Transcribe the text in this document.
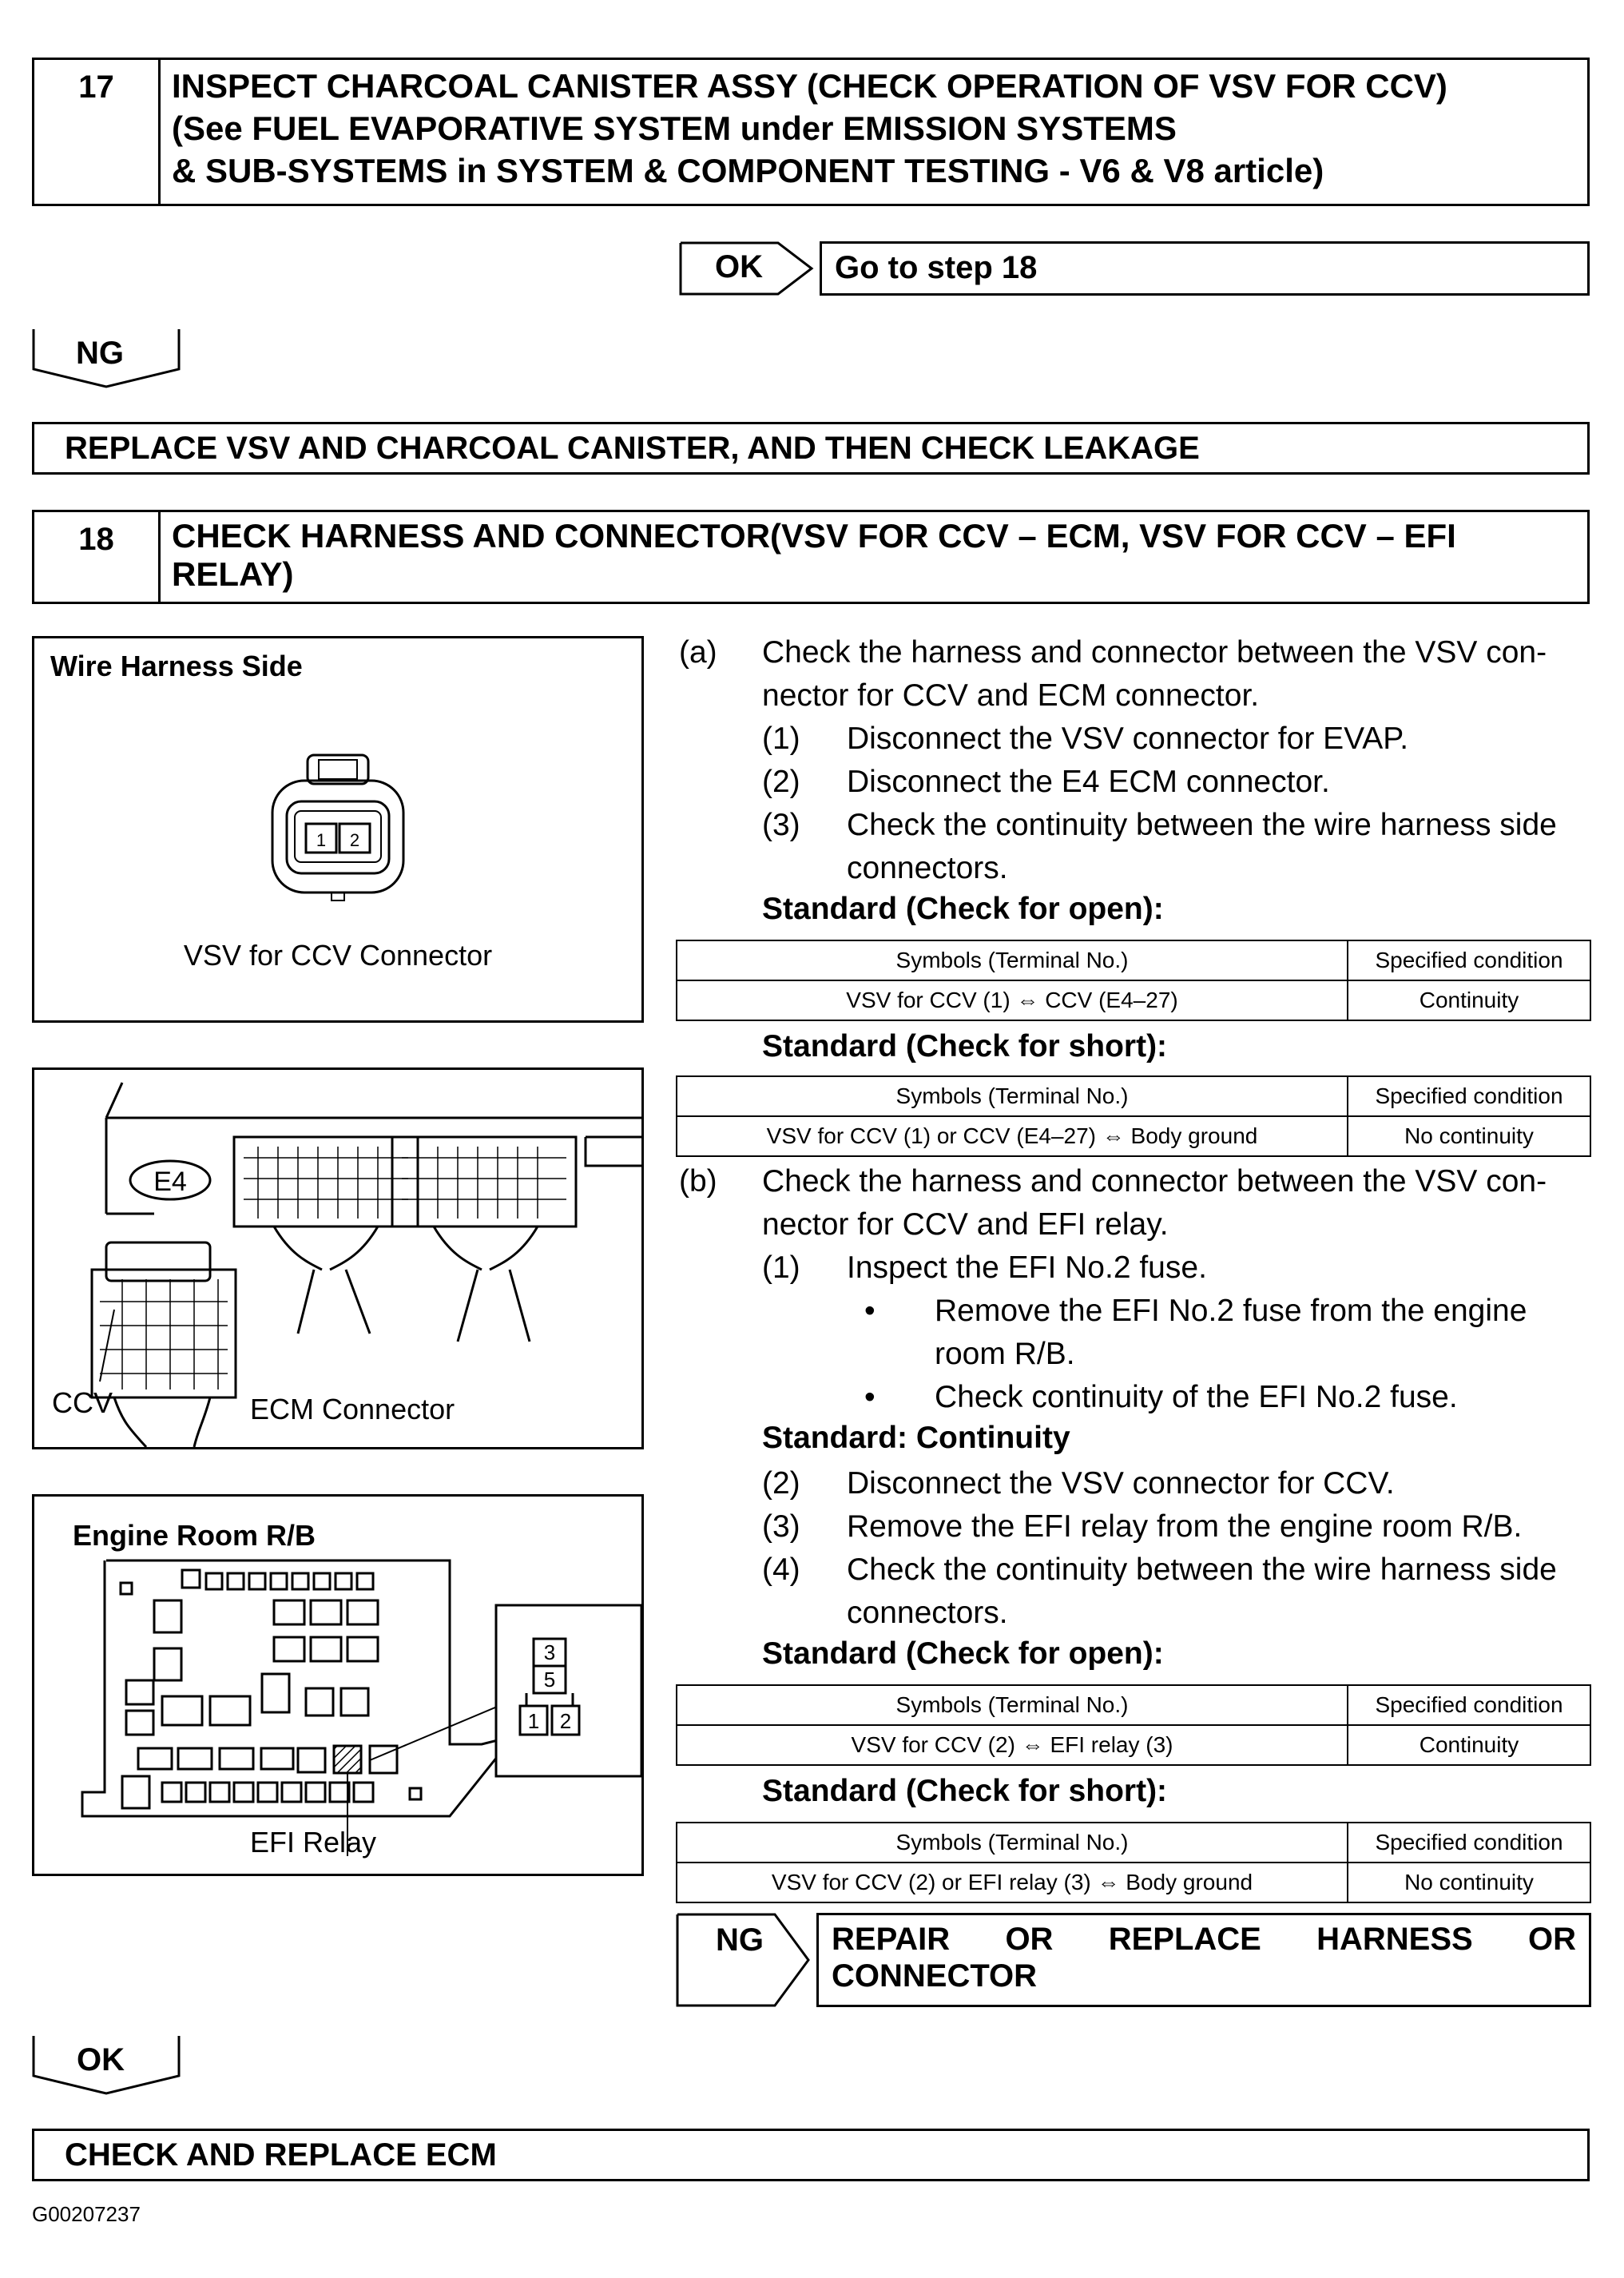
17	INSPECT CHARCOAL CANISTER ASSY (CHECK OPERATION OF VSV FOR CCV)
(See FUEL EVAPORATIVE SYSTEM under EMISSION SYSTEMS
& SUB-SYSTEMS in SYSTEM & COMPONENT TESTING - V6 & V8 article)
OK Go to step 18
NG
REPLACE VSV AND CHARCOAL CANISTER, AND THEN CHECK LEAKAGE
18	CHECK HARNESS AND CONNECTOR(VSV FOR CCV – ECM, VSV FOR CCV – EFI
RELAY)
Wire Harness Side
1 2
VSV for CCV Connector
E4
CCV	ECM Connector
Engine Room R/B
3
5
1 2
EFI Relay
(a) Check the harness and connector between the VSV con-
nector for CCV and ECM connector.
(1) Disconnect the VSV connector for EVAP.
(2) Disconnect the E4 ECM connector.
(3) Check the continuity between the wire harness side
connectors.
Standard (Check for open):
Symbols (Terminal No.)	Specified condition
VSV for CCV (1) ⇔ CCV (E4–27)	Continuity
Standard (Check for short):
Symbols (Terminal No.)	Specified condition
VSV for CCV (1) or CCV (E4–27) ⇔ Body ground	No continuity
(b) Check the harness and connector between the VSV con-
nector for CCV and EFI relay.
(1) Inspect the EFI No.2 fuse.
• Remove the EFI No.2 fuse from the engine
room R/B.
• Check continuity of the EFI No.2 fuse.
Standard: Continuity
(2) Disconnect the VSV connector for CCV.
(3) Remove the EFI relay from the engine room R/B.
(4) Check the continuity between the wire harness side
connectors.
Standard (Check for open):
Symbols (Terminal No.)	Specified condition
VSV for CCV (2) ⇔ EFI relay (3)	Continuity
Standard (Check for short):
Symbols (Terminal No.)	Specified condition
VSV for CCV (2) or EFI relay (3) ⇔ Body ground	No continuity
NG REPAIR OR REPLACE HARNESS OR
CONNECTOR
OK
CHECK AND REPLACE ECM
G00207237
